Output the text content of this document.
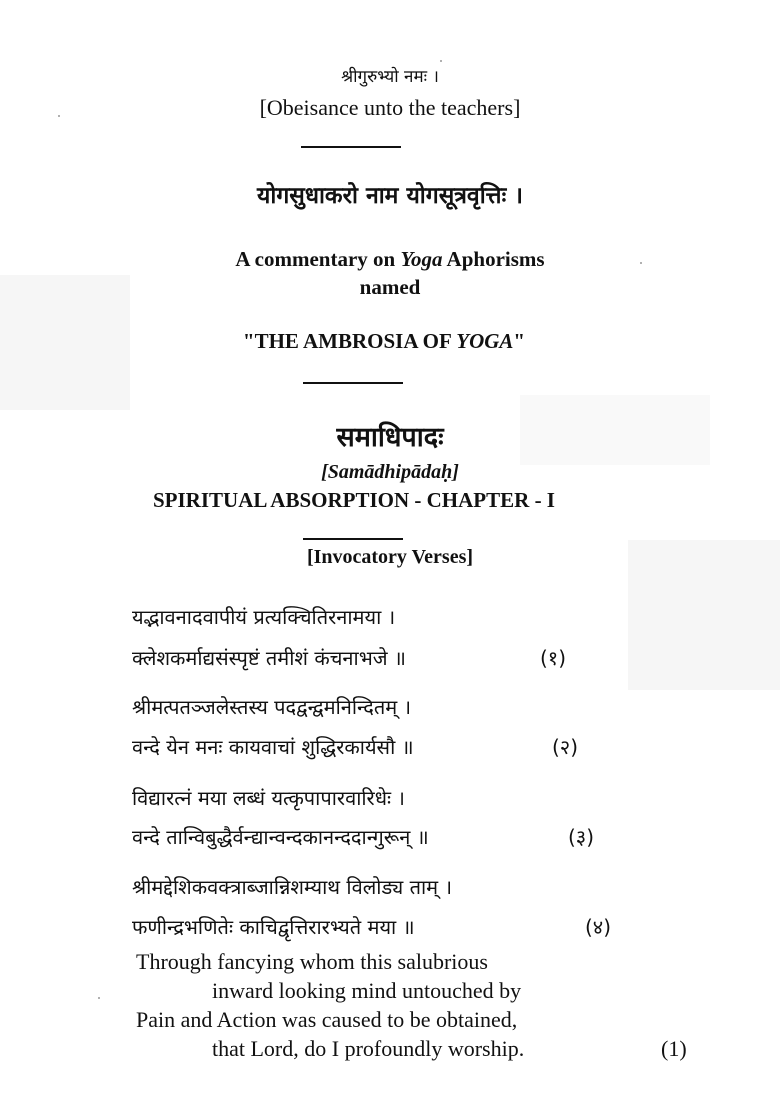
श्रीगुरुभ्यो नमः ।
[Obeisance unto the teachers]
योगसुधाकरो नाम योगसूत्रवृत्तिः ।
A commentary on Yoga Aphorisms
named
"THE AMBROSIA OF YOGA"
समाधिपादः
[Samādhipādaḥ]
SPIRITUAL ABSORPTION - CHAPTER - I
[Invocatory Verses]
यद्भावनादवापीयं प्रत्यक्चितिरनामया ।
क्लेशकर्माद्यसंस्पृष्टं तमीशं कंचनाभजे ॥	(१)
श्रीमत्पतञ्जलेस्तस्य पदद्वन्द्वमनिन्दितम् ।
वन्दे येन मनः कायवाचां शुद्धिरकार्यसौ ॥	(२)
विद्यारत्नं मया लब्धं यत्कृपापारवारिधेः ।
वन्दे तान्विबुद्धैर्वन्द्यान्वन्दकानन्ददान्गुरून् ॥	(३)
श्रीमद्देशिकवक्त्राब्जान्निशम्याथ विलोड्य ताम् ।
फणीन्द्रभणितेः काचिद्वृत्तिरारभ्यते मया ॥	(४)
Through fancying whom this salubrious
inward looking mind untouched by
Pain and Action was caused to be obtained,
that Lord, do I profoundly worship.	(1)
